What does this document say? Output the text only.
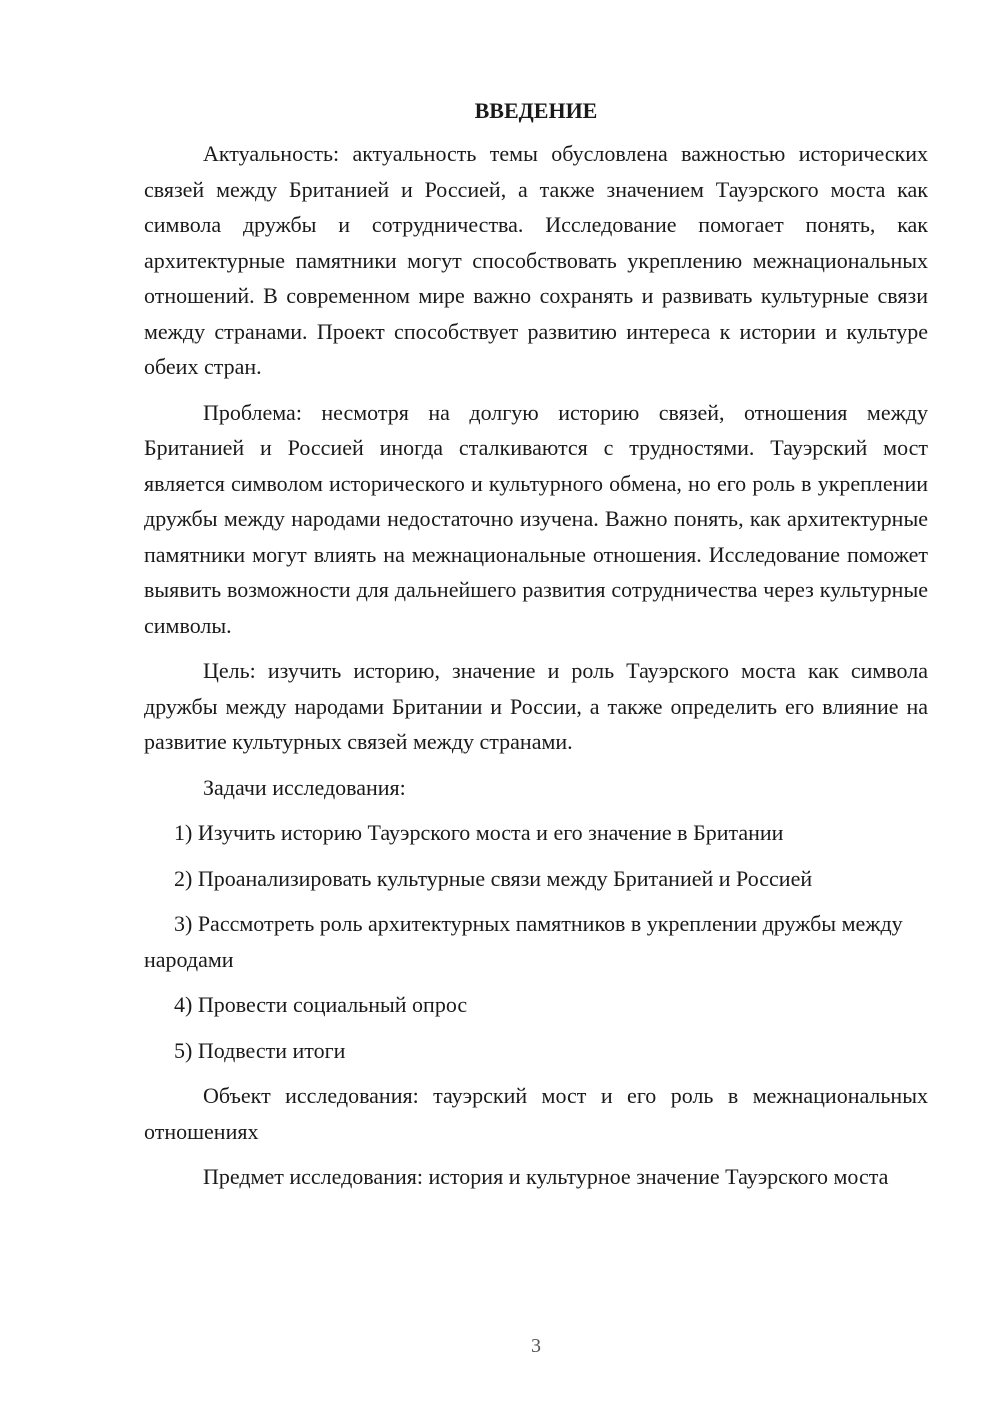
ВВЕДЕНИЕ

Актуальность: актуальность темы обусловлена важностью исторических связей между Британией и Россией, а также значением Тауэрского моста как символа дружбы и сотрудничества. Исследование помогает понять, как архитектурные памятники могут способствовать укреплению межнациональных отношений. В современном мире важно сохранять и развивать культурные связи между странами. Проект способствует развитию интереса к истории и культуре обеих стран.

Проблема: несмотря на долгую историю связей, отношения между Британией и Россией иногда сталкиваются с трудностями. Тауэрский мост является символом исторического и культурного обмена, но его роль в укреплении дружбы между народами недостаточно изучена. Важно понять, как архитектурные памятники могут влиять на межнациональные отношения. Исследование поможет выявить возможности для дальнейшего развития сотрудничества через культурные символы.

Цель: изучить историю, значение и роль Тауэрского моста как символа дружбы между народами Британии и России, а также определить его влияние на развитие культурных связей между странами.

Задачи исследования:

1) Изучить историю Тауэрского моста и его значение в Британии

2) Проанализировать культурные связи между Британией и Россией

3) Рассмотреть роль архитектурных памятников в укреплении дружбы между народами

4) Провести социальный опрос

5) Подвести итоги

Объект исследования: тауэрский мост и его роль в межнациональных отношениях

Предмет исследования: история и культурное значение Тауэрского моста

3
